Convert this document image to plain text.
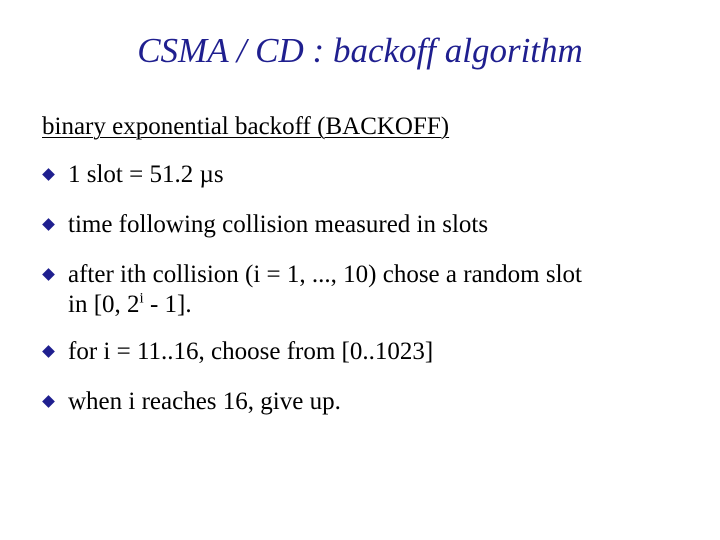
CSMA / CD : backoff algorithm
binary exponential backoff (BACKOFF)
1 slot = 51.2 µs
time following collision measured in slots
after ith collision (i = 1, ..., 10) chose a random slot
in [0, 2$^i$ - 1].
for i = 11..16, choose from [0..1023]
when i reaches 16, give up.
